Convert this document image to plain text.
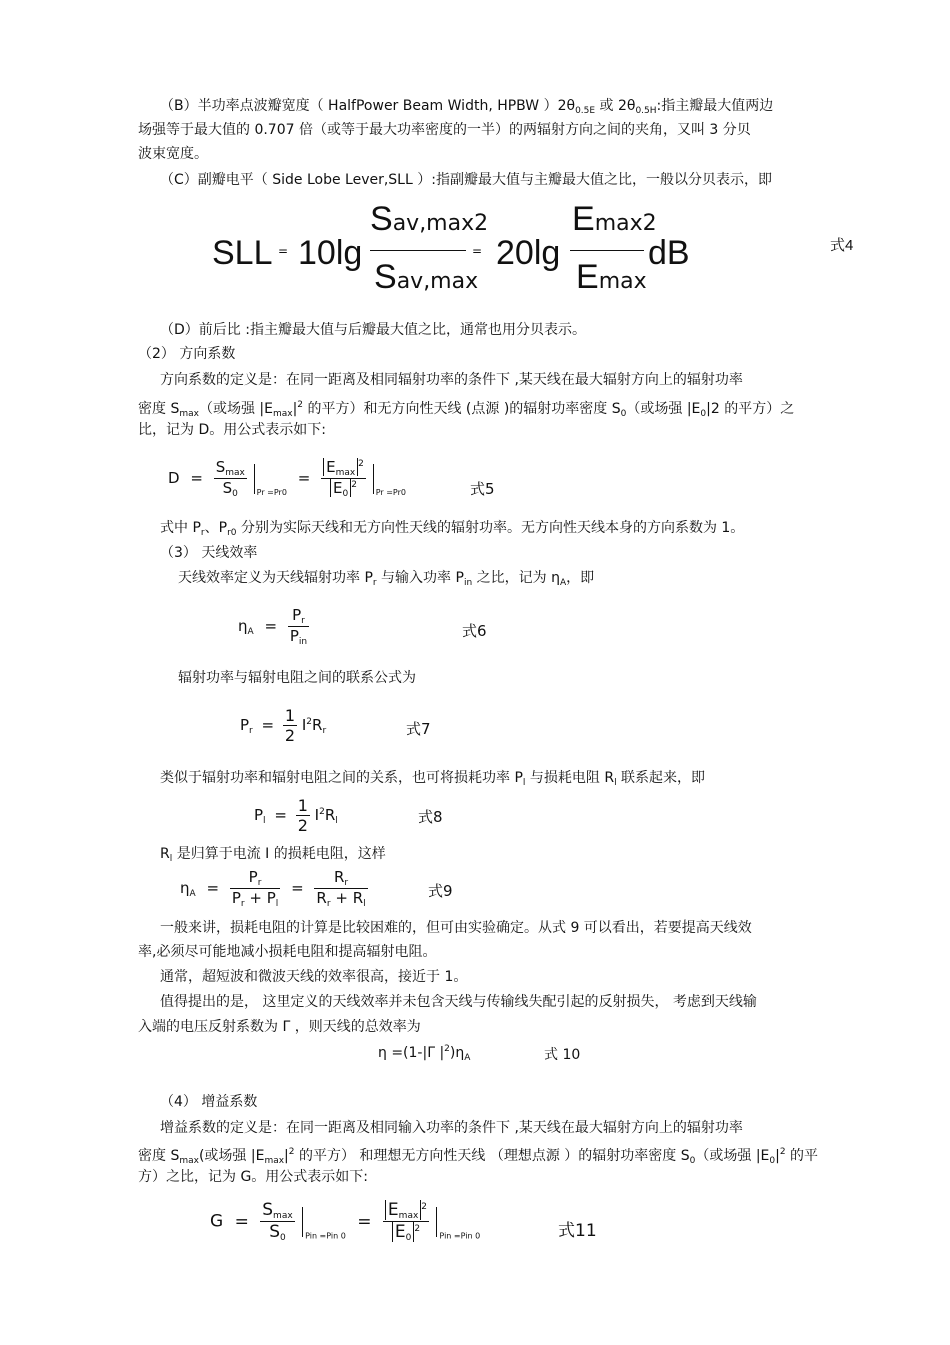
（B）半功率点波瓣宽度（ HalfPower Beam Width, HPBW ）$2\theta_{0.5E}$ 或 $2\theta_{0.5H}$:指主瓣最大值两边
场强等于最大值的 0.707 倍（或等于最大功率密度的一半）的两辐射方向之间的夹角，又叫 3 分贝
波束宽度。
（C）副瓣电平（ Side Lobe Lever,SLL ）:指副瓣最大值与主瓣最大值之比，一般以分贝表示，即
SLL = 10lg
Sav,max2
Sav,max
= 20lg
Emax2
Emax
dB	式4
（D）前后比 :指主瓣最大值与后瓣最大值之比，通常也用分贝表示。
（2） 方向系数
方向系数的定义是：在同一距离及相同辐射功率的条件下 ,某天线在最大辐射方向上的辐射功率
密度 $S_{max}$（或场强 $|E_{max}|^2$ 的平方）和无方向性天线 (点源 )的辐射功率密度 $S_0$（或场强 $|E_0|2$ 的平方）之
比，记为 D。用公式表示如下:
$D = \frac{S_{max}}{S_0} _{Pr =Pr0} = \frac{E_{max}^2}{E_0^2} _{Pr =Pr0}$	式5
式中 $P_r$、$P_{r0}$ 分别为实际天线和无方向性天线的辐射功率。无方向性天线本身的方向系数为 1。
（3） 天线效率
天线效率定义为天线辐射功率 $P_r$ 与输入功率 $P_{in}$ 之比，记为 $\eta_A$，即
$\eta_A = \frac{P_r}{P_{in}}$	式6
辐射功率与辐射电阻之间的联系公式为
$P_r = \frac{1}{2} I^2R_r$	式7
类似于辐射功率和辐射电阻之间的关系，也可将损耗功率 $P_l$ 与损耗电阻 $R_l$ 联系起来，即
$P_l = \frac{1}{2} I^2R_l$	式8
$R_l$ 是归算于电流 I 的损耗电阻，这样
$\eta_A = \frac{P_r}{P_r + P_l} = \frac{R_r}{R_r + R_l}$	式9
一般来讲，损耗电阻的计算是比较困难的，但可由实验确定。从式 9 可以看出，若要提高天线效
率,必须尽可能地减小损耗电阻和提高辐射电阻。
通常，超短波和微波天线的效率很高，接近于 1。
值得提出的是， 这里定义的天线效率并未包含天线与传输线失配引起的反射损失， 考虑到天线输
入端的电压反射系数为 Γ ，则天线的总效率为
η =(1-|Γ $|^2)\eta_A$	式 10
（4） 增益系数
增益系数的定义是：在同一距离及相同输入功率的条件下 ,某天线在最大辐射方向上的辐射功率
密度 $S_{max}$(或场强 $|E_{max}|^2$ 的平方） 和理想无方向性天线 （理想点源 ）的辐射功率密度 $S_0$（或场强 $|E_0|^2$ 的平
方）之比，记为 G。用公式表示如下:
$G = \frac{S_{max}}{S_0} _{Pin =Pin 0} = \frac{E_{max}^2}{E_0^2} _{Pin =Pin 0}$	式11
